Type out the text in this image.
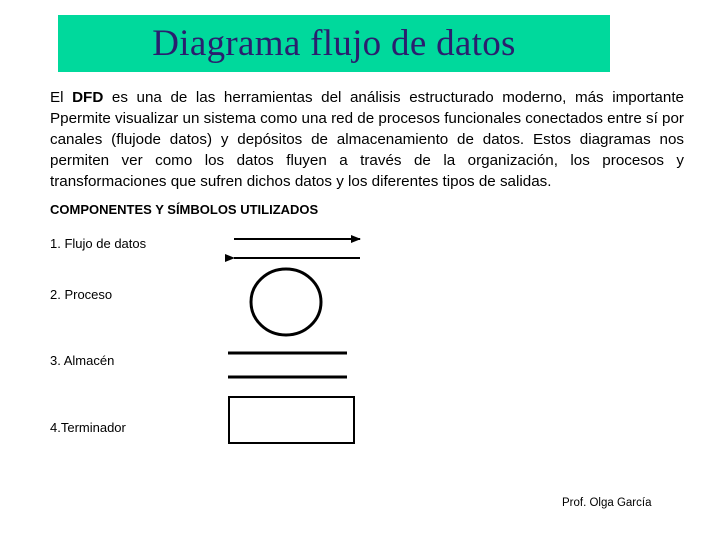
Diagrama flujo de datos

El DFD es una de las herramientas del análisis estructurado moderno, más importante Ppermite visualizar un sistema como una red de procesos funcionales conectados entre sí por canales (flujode datos) y depósitos de almacenamiento de datos. Estos diagramas nos permiten ver como los datos fluyen a través de la organización, los procesos y transformaciones que sufren dichos datos y los diferentes tipos de salidas.

COMPONENTES Y SÍMBOLOS UTILIZADOS
1. Flujo de datos
2. Proceso
3. Almacén
4.Terminador
Prof. Olga García
